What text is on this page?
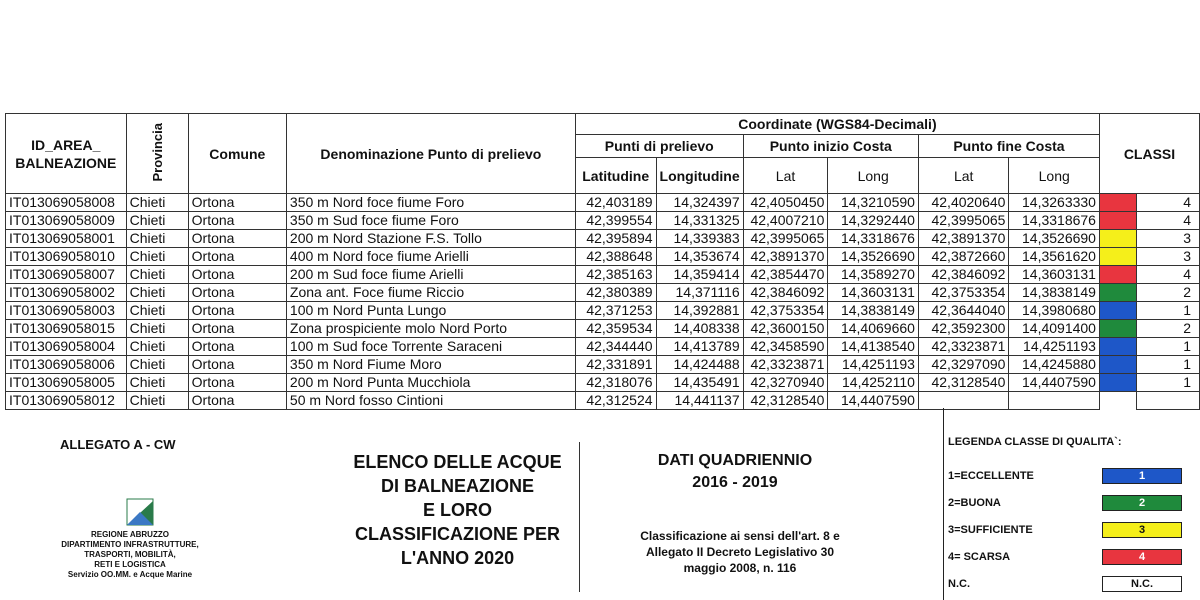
ID_AREA_ BALNEAZIONE	Provincia	Comune	Denominazione Punto di prelievo	Coordinate (WGS84-Decimali)						CLASSI	
				Punti di prelievo		Punto inizio Costa		Punto fine Costa			
				Latitudine	Longitudine	Lat	Long	Lat	Long		
IT013069058008	Chieti	Ortona	350 m Nord foce fiume Foro	42,403189	14,324397	42,4050450	14,3210590	42,4020640	14,3263330		4
IT013069058009	Chieti	Ortona	350 m Sud foce fiume Foro	42,399554	14,331325	42,4007210	14,3292440	42,3995065	14,3318676		4
IT013069058001	Chieti	Ortona	200 m Nord Stazione F.S. Tollo	42,395894	14,339383	42,3995065	14,3318676	42,3891370	14,3526690		3
IT013069058010	Chieti	Ortona	400 m Nord foce fiume Arielli	42,388648	14,353674	42,3891370	14,3526690	42,3872660	14,3561620		3
IT013069058007	Chieti	Ortona	200 m Sud foce fiume Arielli	42,385163	14,359414	42,3854470	14,3589270	42,3846092	14,3603131		4
IT013069058002	Chieti	Ortona	Zona ant. Foce fiume Riccio	42,380389	14,371116	42,3846092	14,3603131	42,3753354	14,3838149		2
IT013069058003	Chieti	Ortona	100 m Nord Punta Lungo	42,371253	14,392881	42,3753354	14,3838149	42,3644040	14,3980680		1
IT013069058015	Chieti	Ortona	Zona prospiciente molo Nord Porto	42,359534	14,408338	42,3600150	14,4069660	42,3592300	14,4091400		2
IT013069058004	Chieti	Ortona	100 m Sud foce Torrente Saraceni	42,344440	14,413789	42,3458590	14,4138540	42,3323871	14,4251193		1
IT013069058006	Chieti	Ortona	350 m Nord Fiume Moro	42,331891	14,424488	42,3323871	14,4251193	42,3297090	14,4245880		1
IT013069058005	Chieti	Ortona	200 m Nord Punta Mucchiola	42,318076	14,435491	42,3270940	14,4252110	42,3128540	14,4407590		1
IT013069058012	Chieti	Ortona	50 m Nord fosso Cintioni	42,312524	14,441137	42,3128540	14,4407590				
ALLEGATO A - CW
REGIONE ABRUZZO
DIPARTIMENTO INFRASTRUTTURE,
TRASPORTI, MOBILITÀ,
RETI E LOGISTICA
Servizio OO.MM. e Acque Marine
ELENCO DELLE ACQUE
DI BALNEAZIONE
E LORO
CLASSIFICAZIONE PER
L'ANNO 2020
DATI QUADRIENNIO
2016 - 2019
Classificazione ai sensi dell'art. 8 e
Allegato II Decreto Legislativo 30
maggio 2008, n. 116
LEGENDA CLASSE DI QUALITA`:
1=ECCELLENTE	1
2=BUONA	2
3=SUFFICIENTE	3
4= SCARSA	4
N.C.	N.C.
